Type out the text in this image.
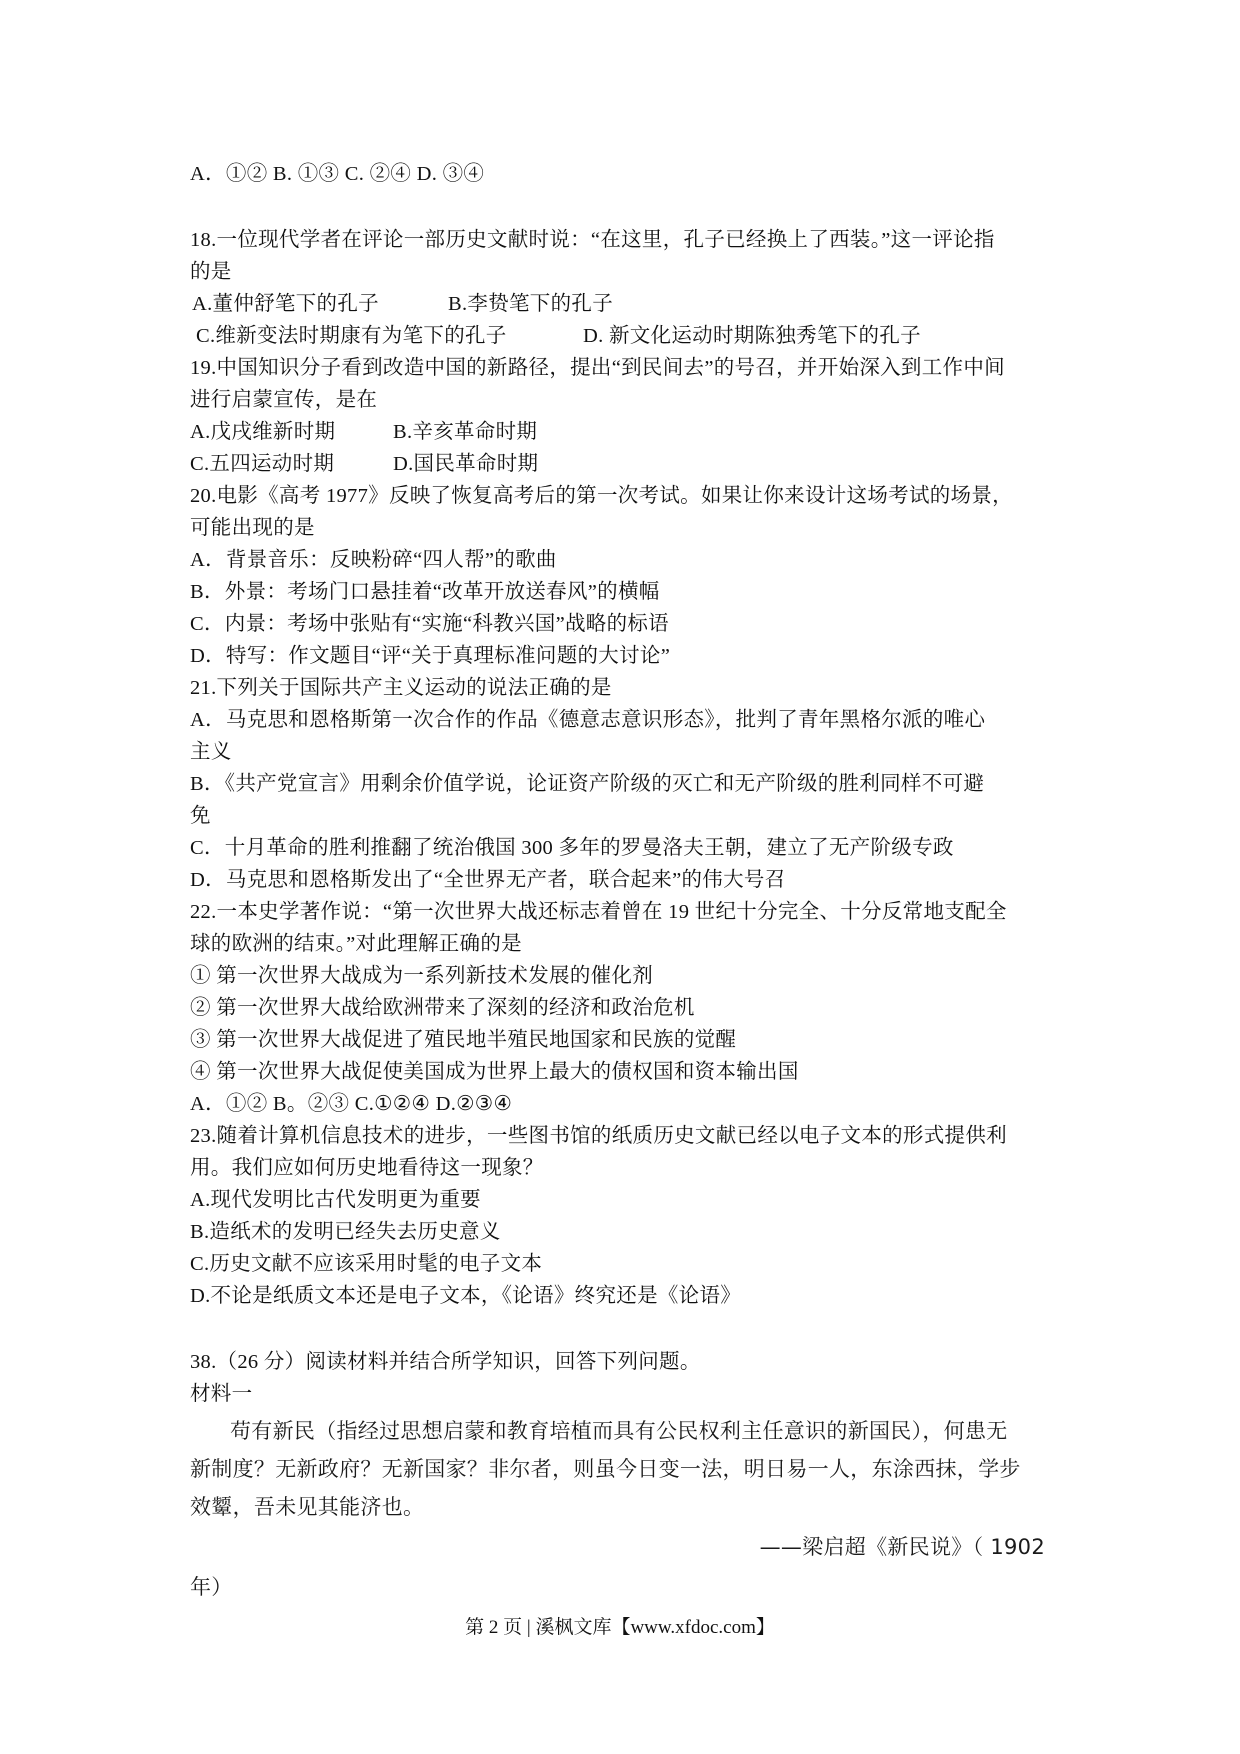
A．①② B. ①③ C. ②④ D. ③④
18.一位现代学者在评论一部历史文献时说：“在这里，孔子已经换上了西装。”这一评论指
的是
A.董仲舒笔下的孔子	B.李贽笔下的孔子
C.维新变法时期康有为笔下的孔子	D. 新文化运动时期陈独秀笔下的孔子
19.中国知识分子看到改造中国的新路径，提出“到民间去”的号召，并开始深入到工作中间
进行启蒙宣传，是在
A.戊戌维新时期	B.辛亥革命时期
C.五四运动时期	D.国民革命时期
20.电影《高考 1977》反映了恢复高考后的第一次考试。如果让你来设计这场考试的场景，
可能出现的是
A．背景音乐：反映粉碎“四人帮”的歌曲
B．外景：考场门口悬挂着“改革开放送春风”的横幅
C．内景：考场中张贴有“实施“科教兴国”战略的标语
D．特写：作文题目“评“关于真理标准问题的大讨论”
21.下列关于国际共产主义运动的说法正确的是
A．马克思和恩格斯第一次合作的作品《德意志意识形态》，批判了青年黑格尔派的唯心
主义
B．《共产党宣言》用剩余价值学说，论证资产阶级的灭亡和无产阶级的胜利同样不可避
免
C．十月革命的胜利推翻了统治俄国 300 多年的罗曼洛夫王朝，建立了无产阶级专政
D．马克思和恩格斯发出了“全世界无产者，联合起来”的伟大号召
22.一本史学著作说：“第一次世界大战还标志着曾在 19 世纪十分完全、十分反常地支配全
球的欧洲的结束。”对此理解正确的是
① 第一次世界大战成为一系列新技术发展的催化剂
② 第一次世界大战给欧洲带来了深刻的经济和政治危机
③ 第一次世界大战促进了殖民地半殖民地国家和民族的觉醒
④ 第一次世界大战促使美国成为世界上最大的债权国和资本输出国
A．①② B。②③ C.①②④ D.②③④
23.随着计算机信息技术的进步，一些图书馆的纸质历史文献已经以电子文本的形式提供利
用。我们应如何历史地看待这一现象？
A.现代发明比古代发明更为重要
B.造纸术的发明已经失去历史意义
C.历史文献不应该采用时髦的电子文本
D.不论是纸质文本还是电子文本，《论语》终究还是《论语》
38.（26 分）阅读材料并结合所学知识，回答下列问题。
材料一
苟有新民（指经过思想启蒙和教育培植而具有公民权利主任意识的新国民），何患无
新制度？无新政府？无新国家？非尔者，则虽今日变一法，明日易一人，东涂西抹，学步
效颦，吾未见其能济也。
——梁启超《新民说》（ 1902
年）
第 2 页 | 溪枫文库【www.xfdoc.com】
